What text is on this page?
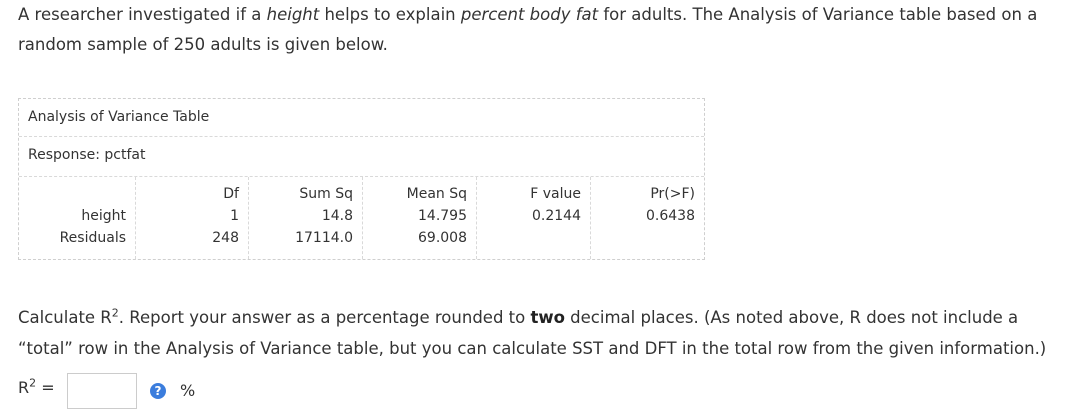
A researcher investigated if a height helps to explain percent body fat for adults. The Analysis of Variance table based on a random sample of 250 adults is given below.
Analysis of Variance Table
Response: pctfat
height
Residuals
Df
1
248
Sum Sq
14.8
17114.0
Mean Sq
14.795
69.008
F value
0.2144
Pr(>F)
0.6438
Calculate $R^2$. Report your answer as a percentage rounded to two decimal places. (As noted above, R does not include a “total” row in the Analysis of Variance table, but you can calculate SST and DFT in the total row from the given information.)
$R^2$ =	? %
